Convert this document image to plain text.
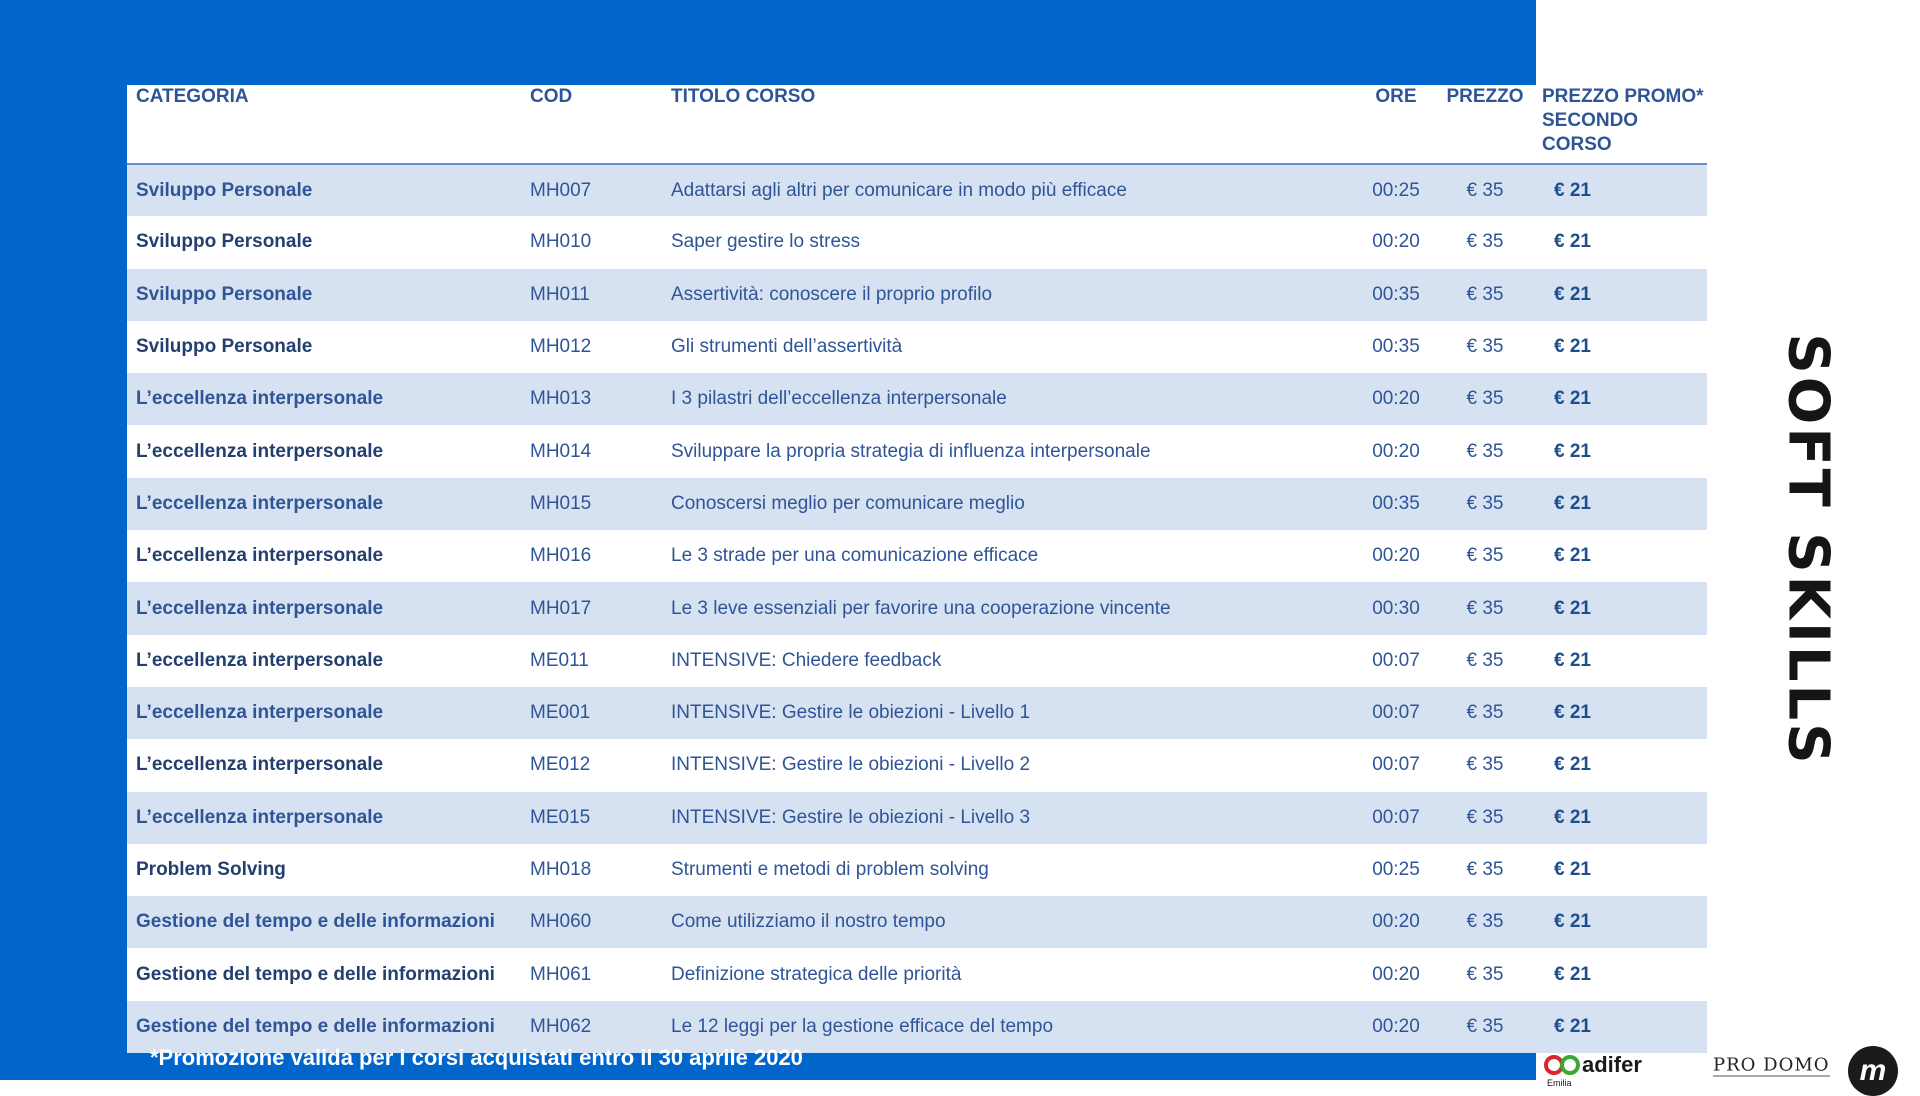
CATEGORIA	COD	TITOLO CORSO	ORE	PREZZO	PREZZO PROMO*
SECONDO CORSO
Sviluppo Personale	MH007	Adattarsi agli altri per comunicare in modo più efficace	00:25	€ 35	€ 21
Sviluppo Personale	MH010	Saper gestire lo stress	00:20	€ 35	€ 21
Sviluppo Personale	MH011	Assertività: conoscere il proprio profilo	00:35	€ 35	€ 21
Sviluppo Personale	MH012	Gli strumenti dell’assertività	00:35	€ 35	€ 21
L’eccellenza interpersonale	MH013	I 3 pilastri dell’eccellenza interpersonale	00:20	€ 35	€ 21
L’eccellenza interpersonale	MH014	Sviluppare la propria strategia di influenza interpersonale	00:20	€ 35	€ 21
L’eccellenza interpersonale	MH015	Conoscersi meglio per comunicare meglio	00:35	€ 35	€ 21
L’eccellenza interpersonale	MH016	Le 3 strade per una comunicazione efficace	00:20	€ 35	€ 21
L’eccellenza interpersonale	MH017	Le 3 leve essenziali per favorire una cooperazione vincente	00:30	€ 35	€ 21
L’eccellenza interpersonale	ME011	INTENSIVE: Chiedere feedback	00:07	€ 35	€ 21
L’eccellenza interpersonale	ME001	INTENSIVE: Gestire le obiezioni - Livello 1	00:07	€ 35	€ 21
L’eccellenza interpersonale	ME012	INTENSIVE: Gestire le obiezioni - Livello 2	00:07	€ 35	€ 21
L’eccellenza interpersonale	ME015	INTENSIVE: Gestire le obiezioni - Livello 3	00:07	€ 35	€ 21
Problem Solving	MH018	Strumenti e metodi di problem solving	00:25	€ 35	€ 21
Gestione del tempo e delle informazioni	MH060	Come utilizziamo il nostro tempo	00:20	€ 35	€ 21
Gestione del tempo e delle informazioni	MH061	Definizione strategica delle priorità	00:20	€ 35	€ 21
Gestione del tempo e delle informazioni	MH062	Le 12 leggi per la gestione efficace del tempo	00:20	€ 35	€ 21
*Promozione valida per i corsi acquistati entro il 30 aprile 2020
SOFT SKILLS
adifer
Emilia
PRO DOMO	m
